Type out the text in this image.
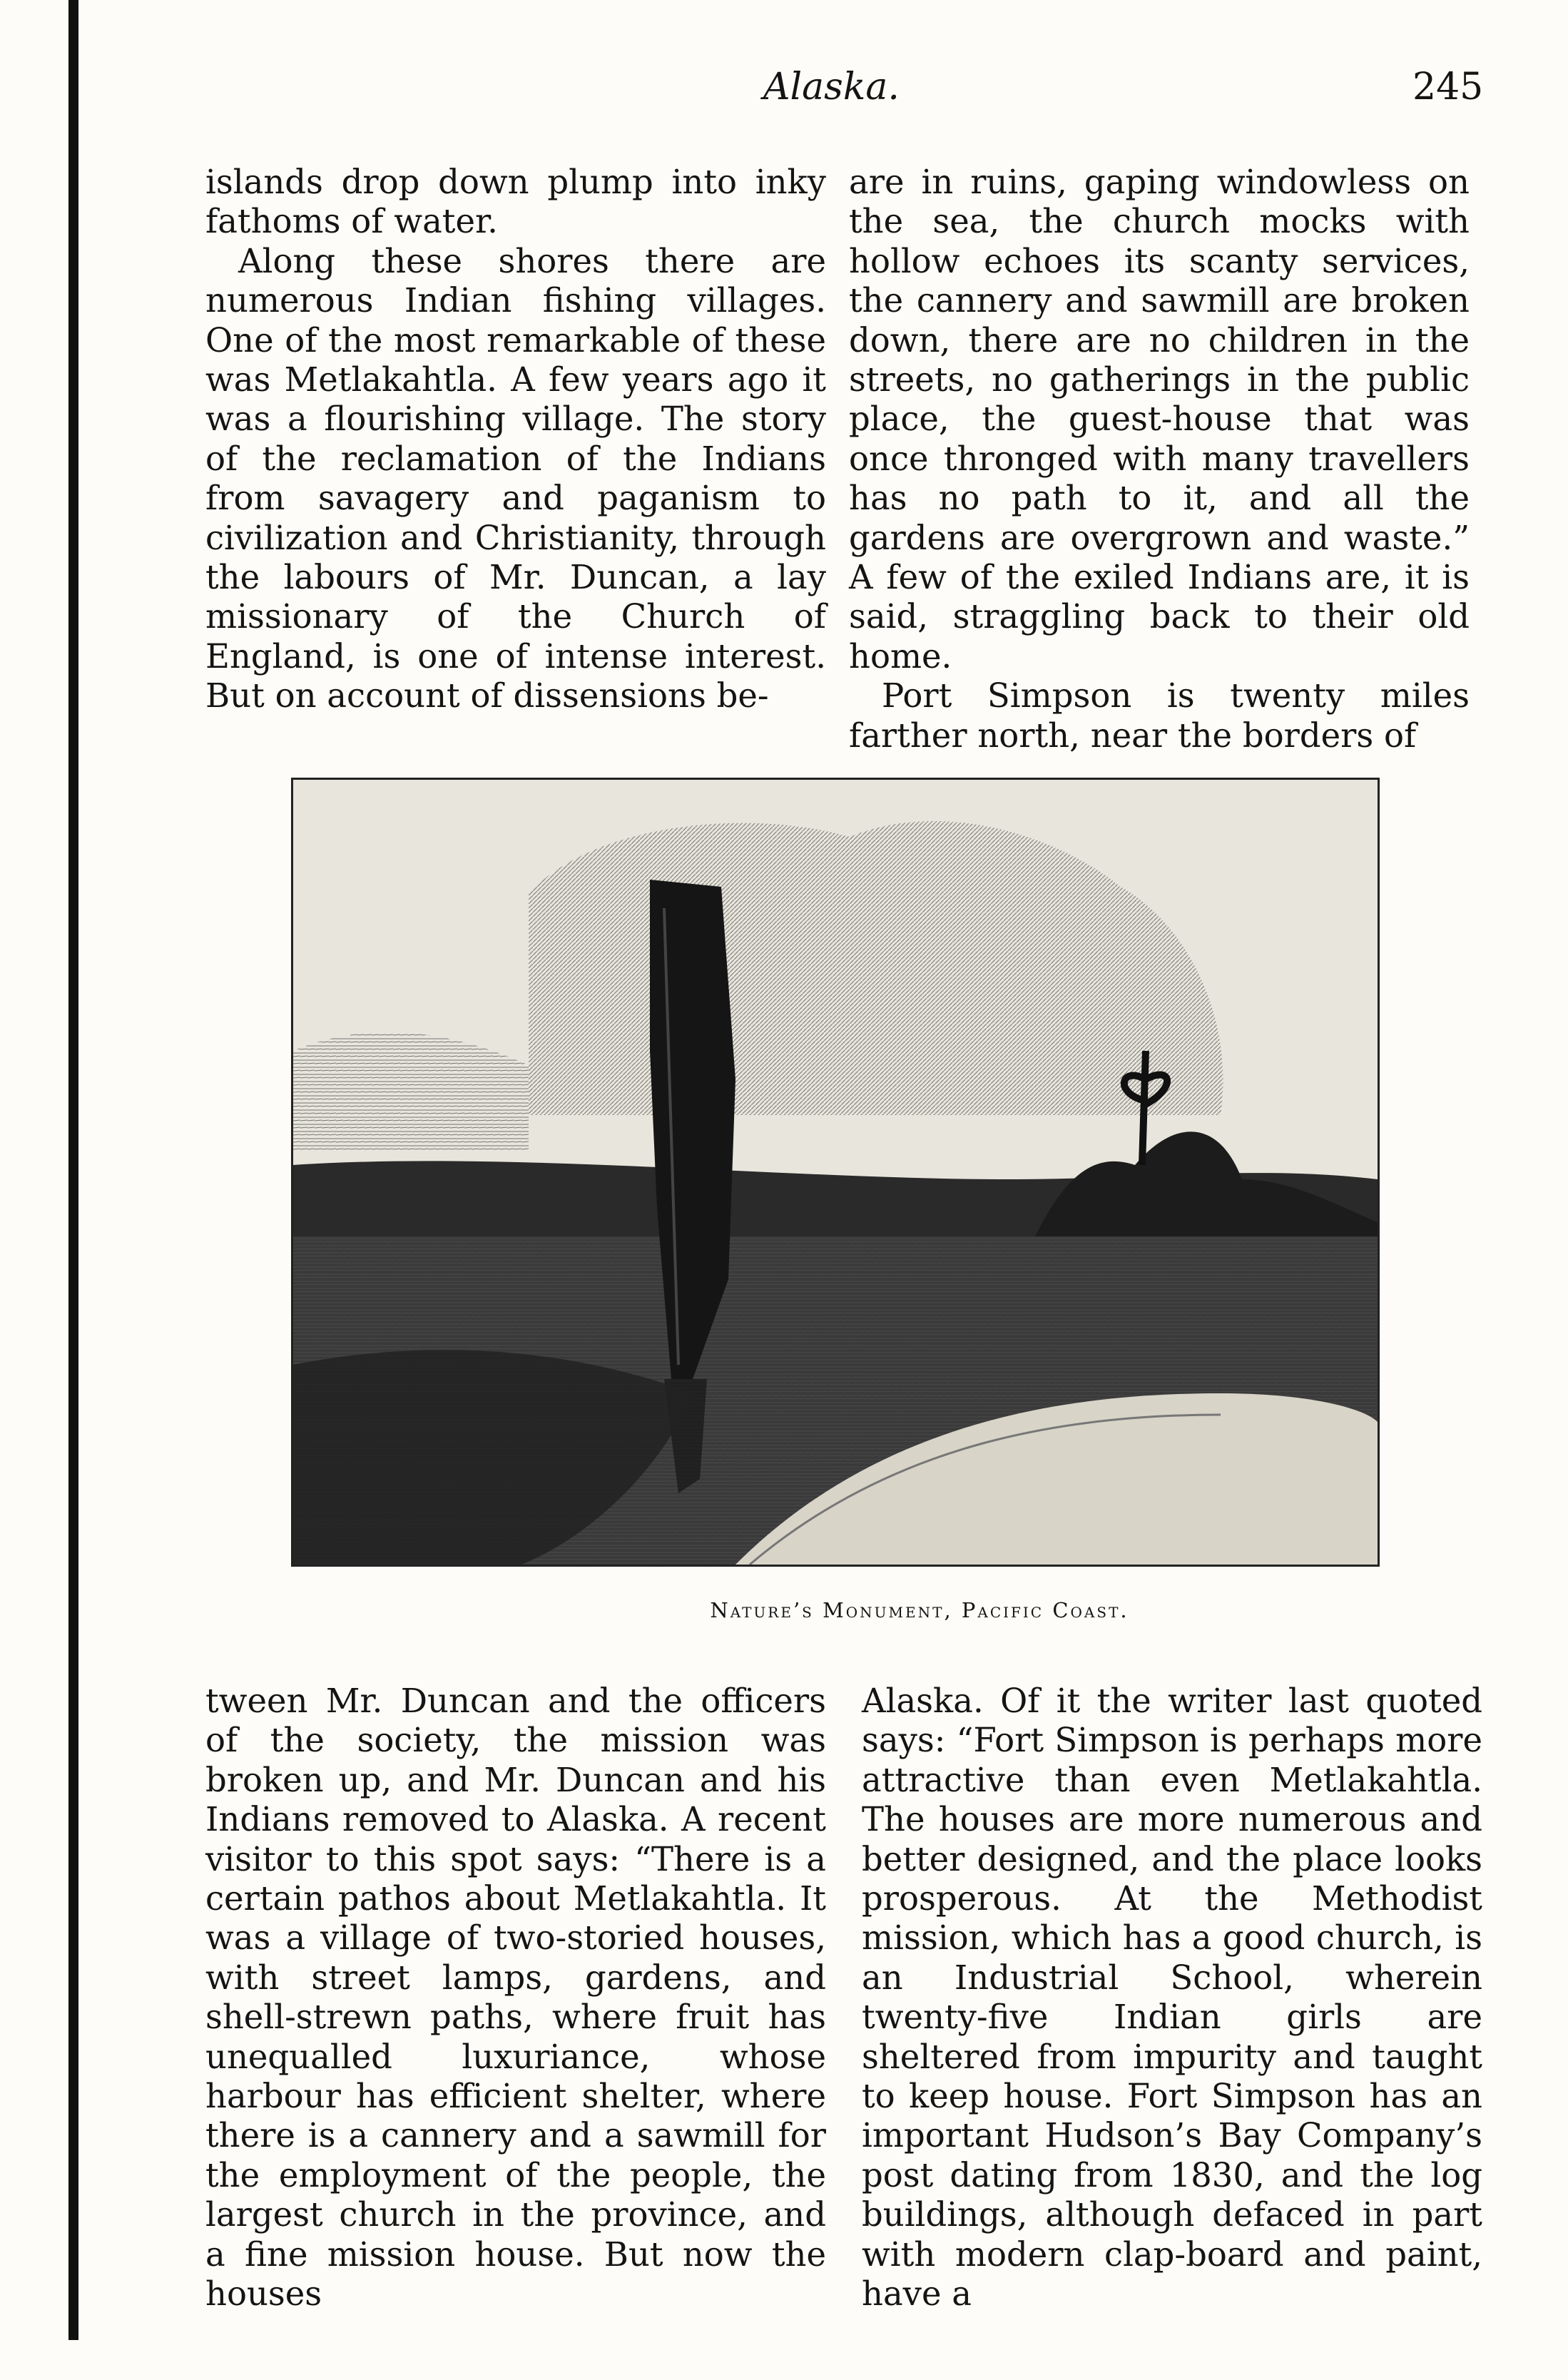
Alaska.	245

islands drop down plump into inky fathoms of water.

Along these shores there are numerous Indian fishing villages. One of the most remarkable of these was Metlakahtla. A few years ago it was a flourishing village. The story of the reclamation of the Indians from savagery and paganism to civilization and Christianity, through the labours of Mr. Duncan, a lay missionary of the Church of England, is one of intense interest. But on account of dissensions be-

are in ruins, gaping windowless on the sea, the church mocks with hollow echoes its scanty services, the cannery and sawmill are broken down, there are no children in the streets, no gatherings in the public place, the guest-house that was once thronged with many travellers has no path to it, and all the gardens are overgrown and waste.” A few of the exiled Indians are, it is said, straggling back to their old home.

Port Simpson is twenty miles farther north, near the borders of

Nature’s Monument, Pacific Coast.

tween Mr. Duncan and the officers of the society, the mission was broken up, and Mr. Duncan and his Indians removed to Alaska. A recent visitor to this spot says: “There is a certain pathos about Metlakahtla. It was a village of two-storied houses, with street lamps, gardens, and shell-strewn paths, where fruit has unequalled luxuriance, whose harbour has efficient shelter, where there is a cannery and a sawmill for the employment of the people, the largest church in the province, and a fine mission house. But now the houses

Alaska. Of it the writer last quoted says: “Fort Simpson is perhaps more attractive than even Metlakahtla. The houses are more numerous and better designed, and the place looks prosperous. At the Methodist mission, which has a good church, is an Industrial School, wherein twenty-five Indian girls are sheltered from impurity and taught to keep house. Fort Simpson has an important Hudson’s Bay Company’s post dating from 1830, and the log buildings, although defaced in part with modern clap-board and paint, have a
